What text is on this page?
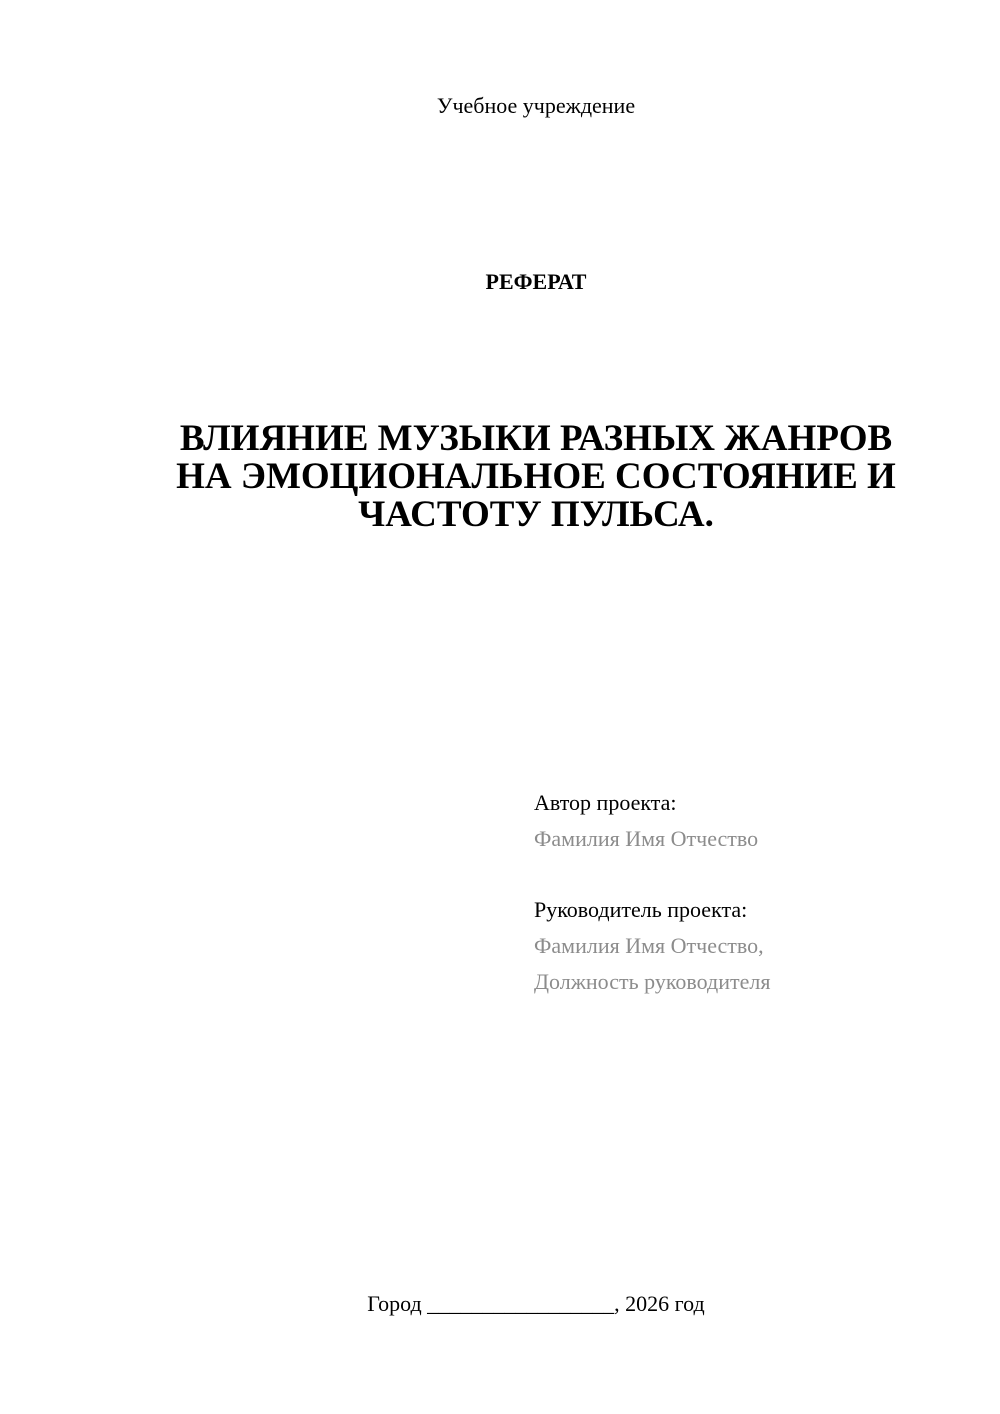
Учебное учреждение
РЕФЕРАТ
ВЛИЯНИЕ МУЗЫКИ РАЗНЫХ ЖАНРОВ
НА ЭМОЦИОНАЛЬНОЕ СОСТОЯНИЕ И
ЧАСТОТУ ПУЛЬСА.
Автор проекта:
Фамилия Имя Отчество
Руководитель проекта:
Фамилия Имя Отчество,
Должность руководителя
Город _________________, 2026 год
